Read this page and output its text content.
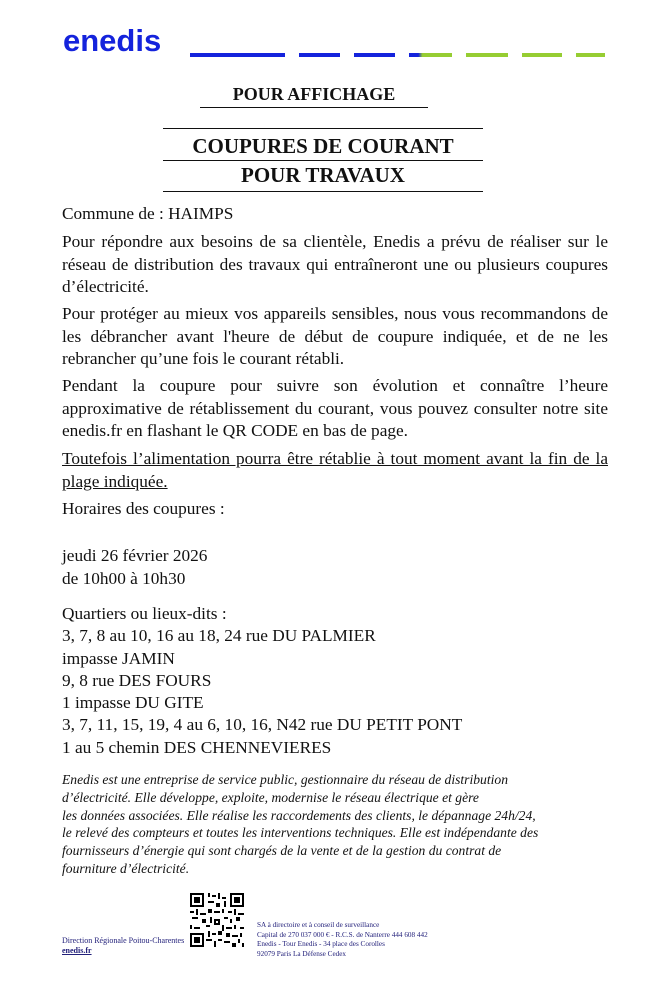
enedis
POUR AFFICHAGE
COUPURES DE COURANT
POUR TRAVAUX
Commune de : HAIMPS
Pour répondre aux besoins de sa clientèle, Enedis a prévu de réaliser sur le réseau de distribution des travaux qui entraîneront une ou plusieurs coupures d’électricité.
Pour protéger au mieux vos appareils sensibles, nous vous recommandons de les débrancher avant l'heure de début de coupure indiquée, et de ne les rebrancher qu’une fois le courant rétabli.
Pendant la coupure pour suivre son évolution et connaître l’heure approximative de rétablissement du courant, vous pouvez consulter notre site enedis.fr en flashant le QR CODE en bas de page.
Toutefois l’alimentation pourra être rétablie à tout moment avant la fin de la plage indiquée.
Horaires des coupures :
jeudi 26 février 2026
de 10h00 à 10h30
Quartiers ou lieux-dits :
3, 7, 8 au 10, 16 au 18, 24 rue DU PALMIER
impasse JAMIN
9, 8 rue DES FOURS
1 impasse DU GITE
3, 7, 11, 15, 19, 4 au 6, 10, 16, N42 rue DU PETIT PONT
1 au 5 chemin DES CHENNEVIERES
Enedis est une entreprise de service public, gestionnaire du réseau de distribution
d’électricité. Elle développe, exploite, modernise le réseau électrique et gère
les données associées. Elle réalise les raccordements des clients, le dépannage 24h/24,
le relevé des compteurs et toutes les interventions techniques. Elle est indépendante des
fournisseurs d’énergie qui sont chargés de la vente et de la gestion du contrat de
fourniture d’électricité.
Direction Régionale Poitou-Charentes
enedis.fr
SA à directoire et à conseil de surveillance
Capital de 270 037 000 € - R.C.S. de Nanterre 444 608 442
Enedis - Tour Enedis - 34 place des Corolles
92079 Paris La Défense Cedex
